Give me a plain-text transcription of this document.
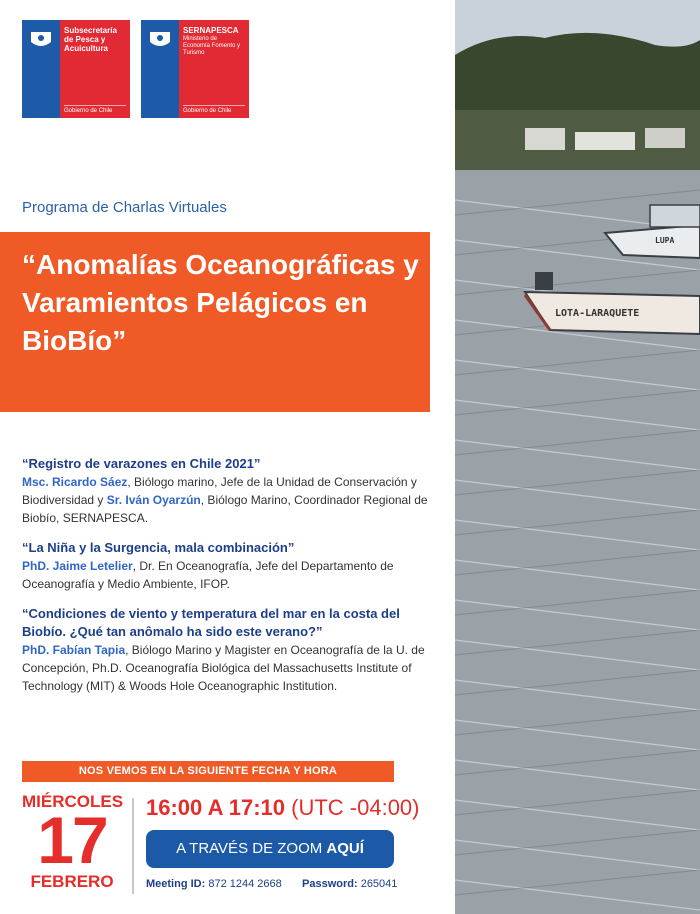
LOTA-LARAQUETE
LUPA
Subsecretaría de Pesca y Acuicultura
Gobierno de Chile
SERNAPESCA
Ministerio de Economía Fomento y Turismo
Gobierno de Chile
Programa de Charlas Virtuales
“Anomalías Oceanográficas y Varamientos Pelágicos en BioBío”
“Registro de varazones en Chile 2021”

Msc. Ricardo Sáez, Biólogo marino, Jefe de la Unidad de Conservación y Biodiversidad y Sr. Iván Oyarzún, Biólogo Marino, Coordinador Regional de Biobío, SERNAPESCA.

“La Niña y la Surgencia, mala combinación”

PhD. Jaime Letelier, Dr. En Oceanografía, Jefe del Departamento de Oceanografía y Medio Ambiente, IFOP.

“Condiciones de viento y temperatura del mar en la costa del Biobío. ¿Qué tan anômalo ha sido este verano?”

PhD. Fabían Tapia, Biólogo Marino y Magister en Oceanografía de la U. de Concepción, Ph.D. Oceanografía Biológica del Massachusetts Institute of Technology (MIT) & Woods Hole Oceanographic Institution.

NOS VEMOS EN LA SIGUIENTE FECHA Y HORA
MIÉRCOLES
17
FEBRERO
16:00 A 17:10 (UTC -04:00)
A TRAVÉS DE ZOOM AQUÍ
Meeting ID: 872 1244 2668 Password: 265041
